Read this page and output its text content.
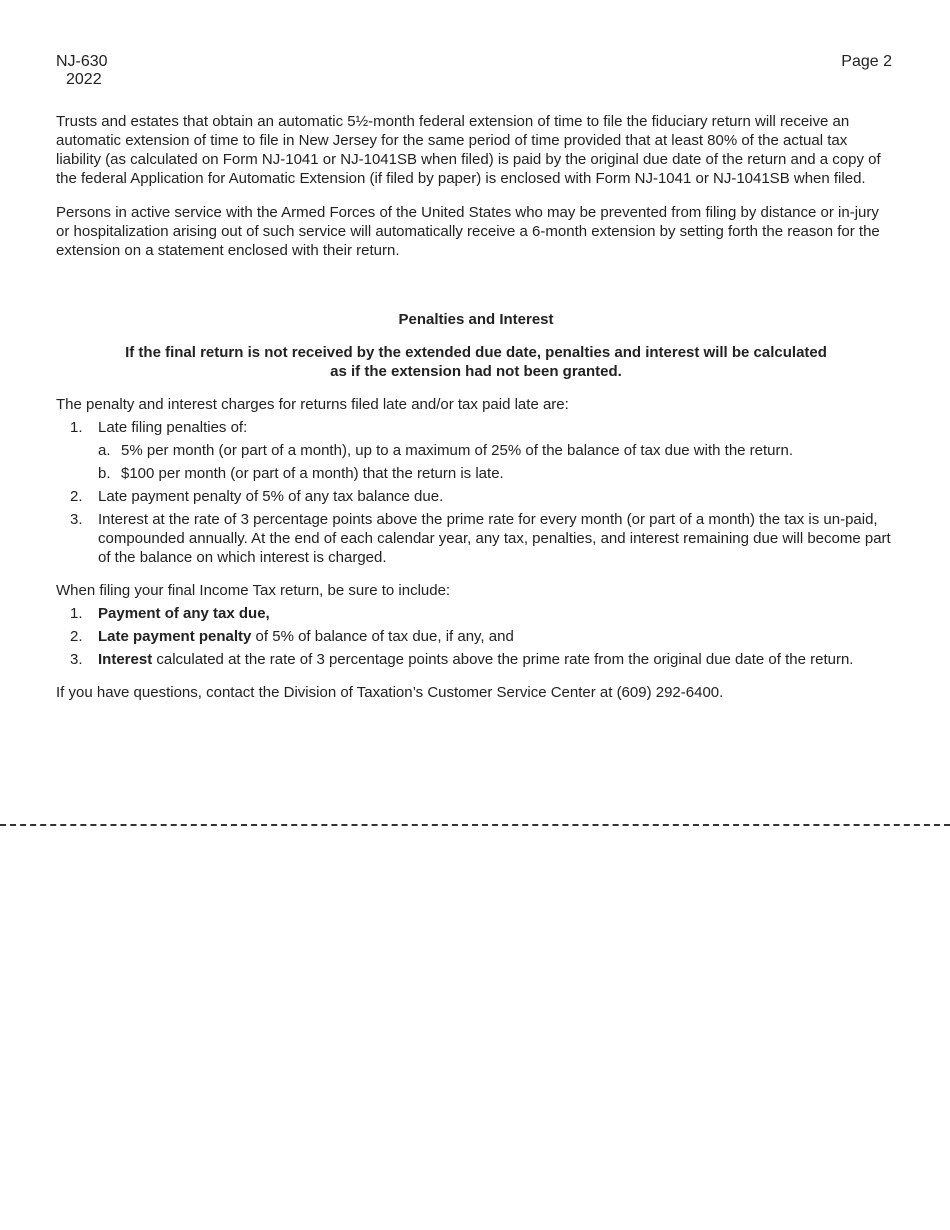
NJ-630
2022
Page 2

Trusts and estates that obtain an automatic 5½-month federal extension of time to file the fiduciary return will receive an automatic extension of time to file in New Jersey for the same period of time provided that at least 80% of the actual tax liability (as calculated on Form NJ-1041 or NJ-1041SB when filed) is paid by the original due date of the return and a copy of the federal Application for Automatic Extension (if filed by paper) is enclosed with Form NJ-1041 or NJ-1041SB when filed.

Persons in active service with the Armed Forces of the United States who may be prevented from filing by distance or in-jury or hospitalization arising out of such service will automatically receive a 6-month extension by setting forth the reason for the extension on a statement enclosed with their return.

Penalties and Interest

If the final return is not received by the extended due date, penalties and interest will be calculated as if the extension had not been granted.

The penalty and interest charges for returns filed late and/or tax paid late are:

1. Late filing penalties of:
a. 5% per month (or part of a month), up to a maximum of 25% of the balance of tax due with the return.
b. $100 per month (or part of a month) that the return is late.
2. Late payment penalty of 5% of any tax balance due.
3. Interest at the rate of 3 percentage points above the prime rate for every month (or part of a month) the tax is un-paid, compounded annually. At the end of each calendar year, any tax, penalties, and interest remaining due will become part of the balance on which interest is charged.

When filing your final Income Tax return, be sure to include:

1. Payment of any tax due,
2. Late payment penalty of 5% of balance of tax due, if any, and
3. Interest calculated at the rate of 3 percentage points above the prime rate from the original due date of the return.

If you have questions, contact the Division of Taxation’s Customer Service Center at (609) 292-6400.
